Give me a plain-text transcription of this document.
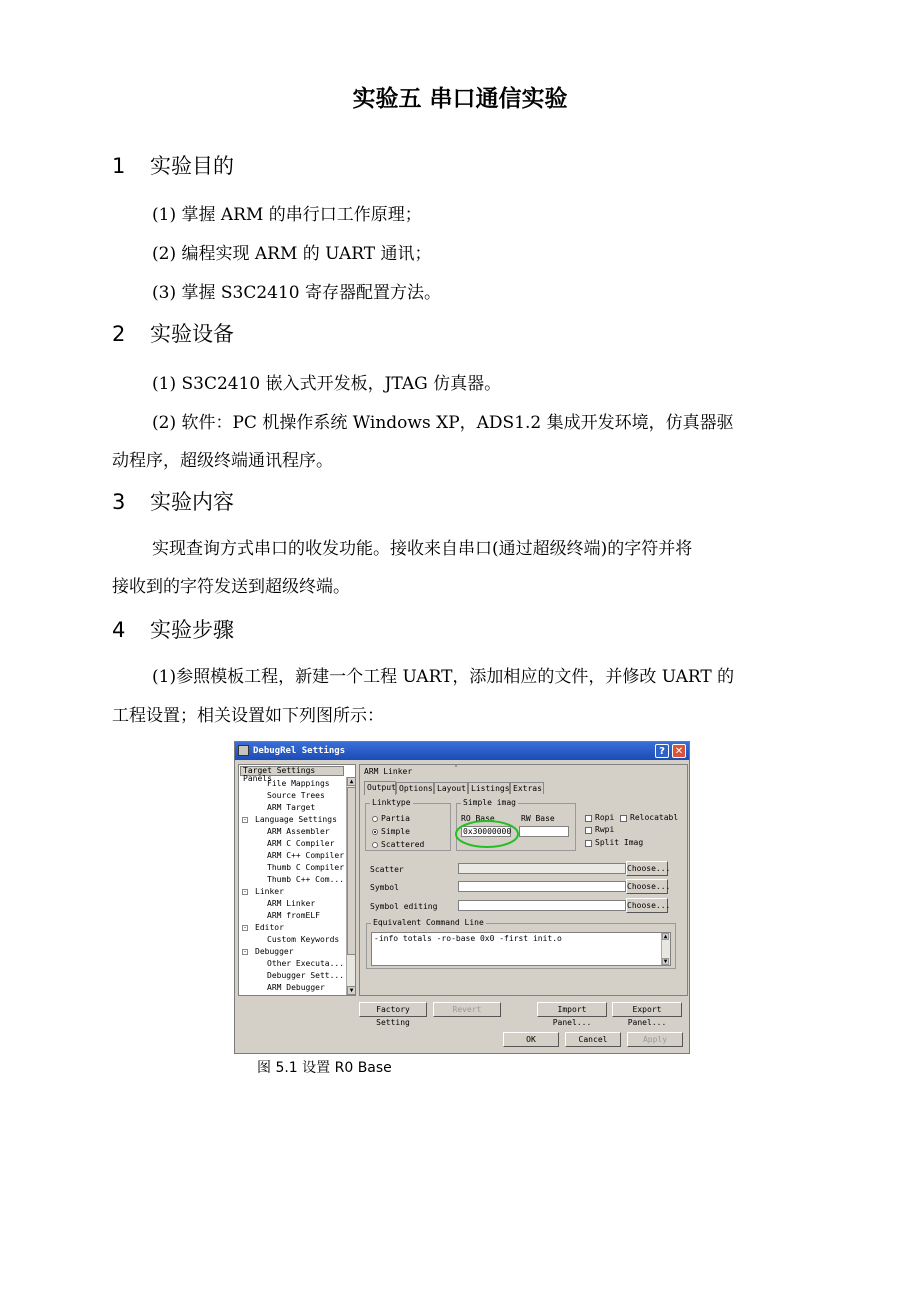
实验五 串口通信实验
1 实验目的
(1) 掌握 ARM 的串行口工作原理；
(2) 编程实现 ARM 的 UART 通讯；
(3) 掌握 S3C2410 寄存器配置方法。
2 实验设备
(1) S3C2410 嵌入式开发板，JTAG 仿真器。
(2) 软件：PC 机操作系统 Windows XP，ADS1.2 集成开发环境，仿真器驱
动程序，超级终端通讯程序。
3 实验内容
实现查询方式串口的收发功能。接收来自串口(通过超级终端)的字符并将
接收到的字符发送到超级终端。
4 实验步骤
(1)参照模板工程，新建一个工程 UART，添加相应的文件，并修改 UART 的
工程设置；相关设置如下列图所示：
DebugRel Settings	? ✕
Target Settings Panels
File Mappings
Source Trees
ARM Target
- Language Settings
ARM Assembler
ARM C Compiler
ARM C++ Compiler
Thumb C Compiler
Thumb C++ Com...
- Linker
ARM Linker
ARM fromELF
- Editor
Custom Keywords
- Debugger
Other Executa...
Debugger Sett...
ARM Debugger
▲
▼
ARM Linker
Output Options Layout Listings Extras
Linktype
Partia
Simple
Scattered
Simple imag
RO Base	RW Base
0x30000000
Ropi Relocatabl
Rwpi
Split Imag
Scatter	Choose...
Symbol	Choose...
Symbol editing	Choose...
Equivalent Command Line
-info totals -ro-base 0x0 -first init.o	▲
▼
Factory Setting
Revert	Import Panel...
Export Panel...
OK	Cancel	Apply
图 5.1 设置 R0 Base
